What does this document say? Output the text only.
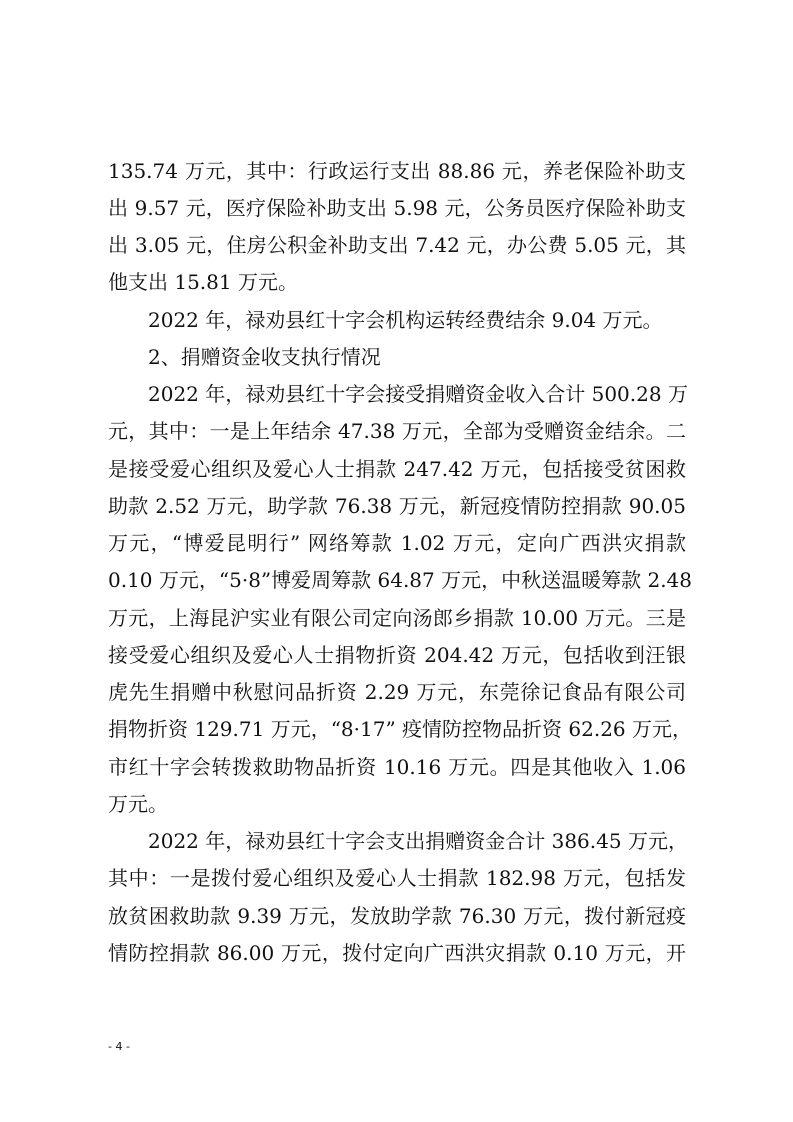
135.74 万元，其中：行政运行支出 88.86 元，养老保险补助支
出 9.57 元，医疗保险补助支出 5.98 元，公务员医疗保险补助支
出 3.05 元，住房公积金补助支出 7.42 元，办公费 5.05 元，其
他支出 15.81 万元。
2022 年，禄劝县红十字会机构运转经费结余 9.04 万元。
2、捐赠资金收支执行情况
2022 年，禄劝县红十字会接受捐赠资金收入合计 500.28 万
元，其中：一是上年结余 47.38 万元，全部为受赠资金结余。二
是接受爱心组织及爱心人士捐款 247.42 万元，包括接受贫困救
助款 2.52 万元，助学款 76.38 万元，新冠疫情防控捐款 90.05
万元，“博爱昆明行” 网络筹款 1.02 万元，定向广西洪灾捐款
0.10 万元，“5·8”博爱周筹款 64.87 万元，中秋送温暖筹款 2.48
万元，上海昆沪实业有限公司定向汤郎乡捐款 10.00 万元。三是
接受爱心组织及爱心人士捐物折资 204.42 万元，包括收到汪银
虎先生捐赠中秋慰问品折资 2.29 万元，东莞徐记食品有限公司
捐物折资 129.71 万元，“8·17” 疫情防控物品折资 62.26 万元，
市红十字会转拨救助物品折资 10.16 万元。四是其他收入 1.06
万元。
2022 年，禄劝县红十字会支出捐赠资金合计 386.45 万元，
其中：一是拨付爱心组织及爱心人士捐款 182.98 万元，包括发
放贫困救助款 9.39 万元，发放助学款 76.30 万元，拨付新冠疫
情防控捐款 86.00 万元，拨付定向广西洪灾捐款 0.10 万元，开
- 4 -
